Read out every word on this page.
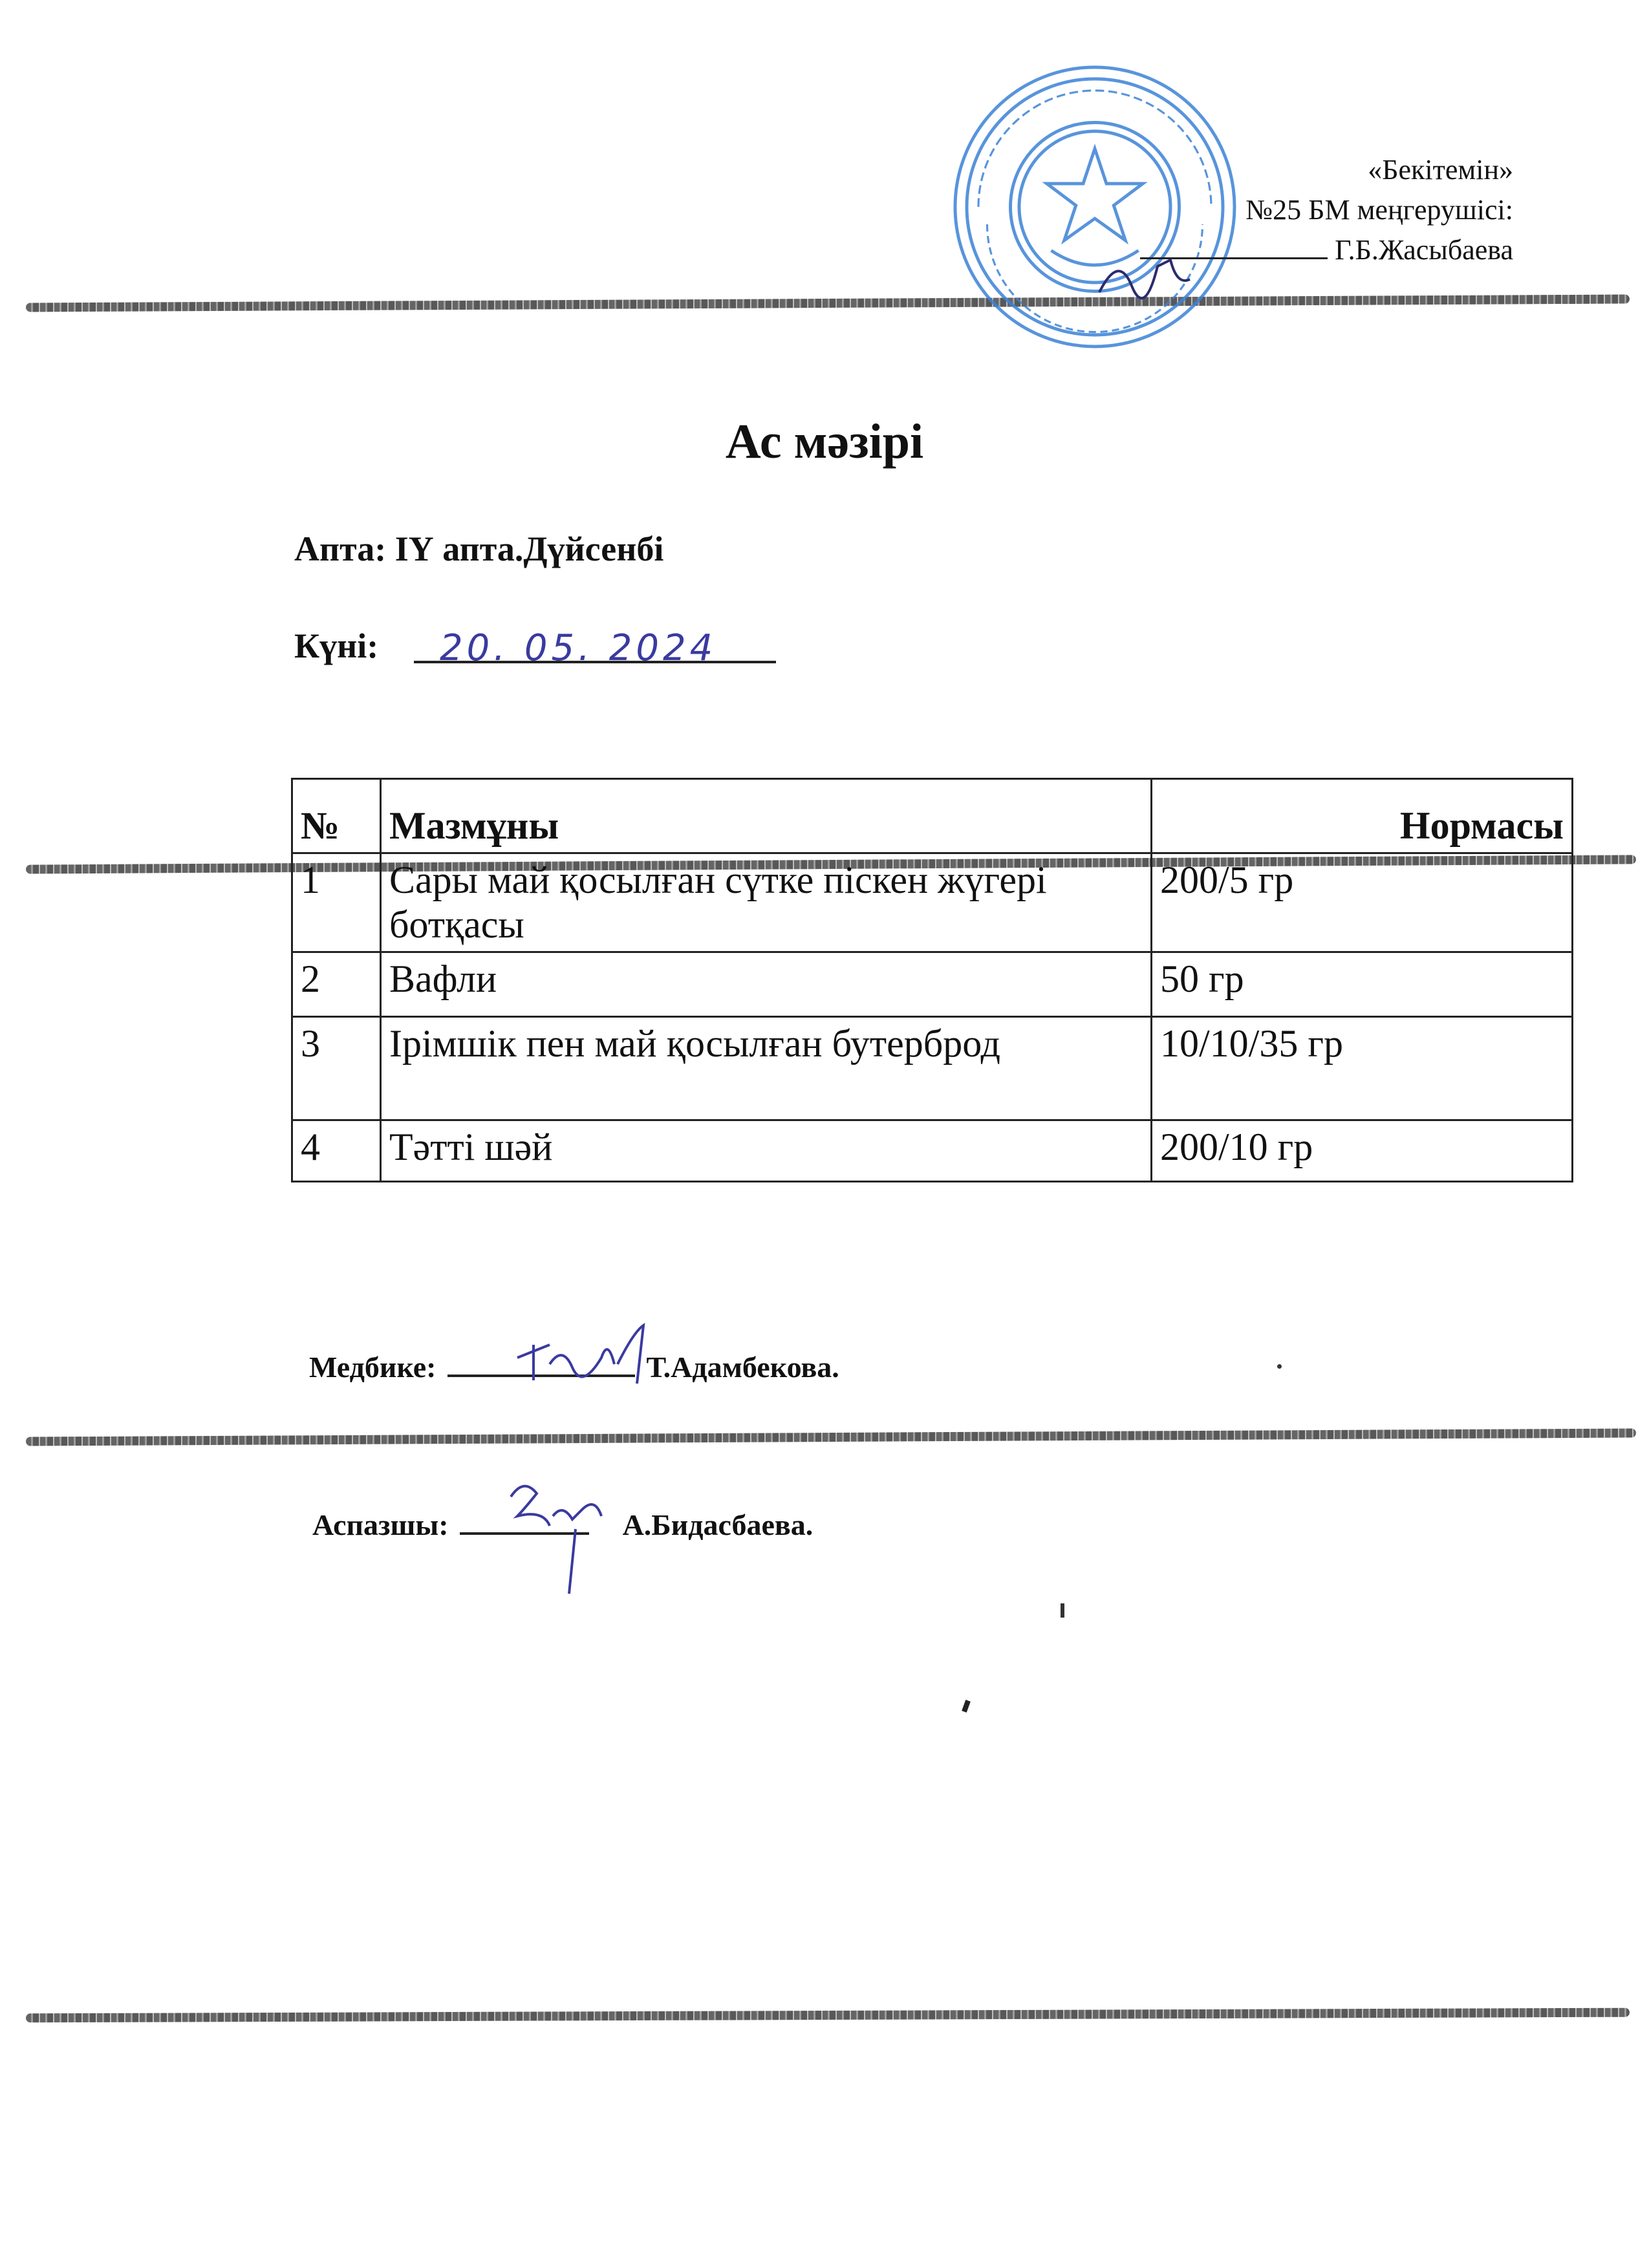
«Бекітемін»
№25 БМ меңгерушісі:
Г.Б.Жасыбаева
Ас мәзірі
Апта: ІҮ апта.Дүйсенбі
Күні: 20. 05. 2024
№	Мазмұны	Нормасы
1	Сары май қосылған сүтке піскен жүгері ботқасы	200/5 гр
2	Вафли	50 гр
3	Ірімшік пен май қосылған бутерброд	10/10/35 гр
4	Тәтті шәй	200/10 гр
Медбике:	Т.Адамбекова.
Аспазшы:	А.Бидасбаева.
